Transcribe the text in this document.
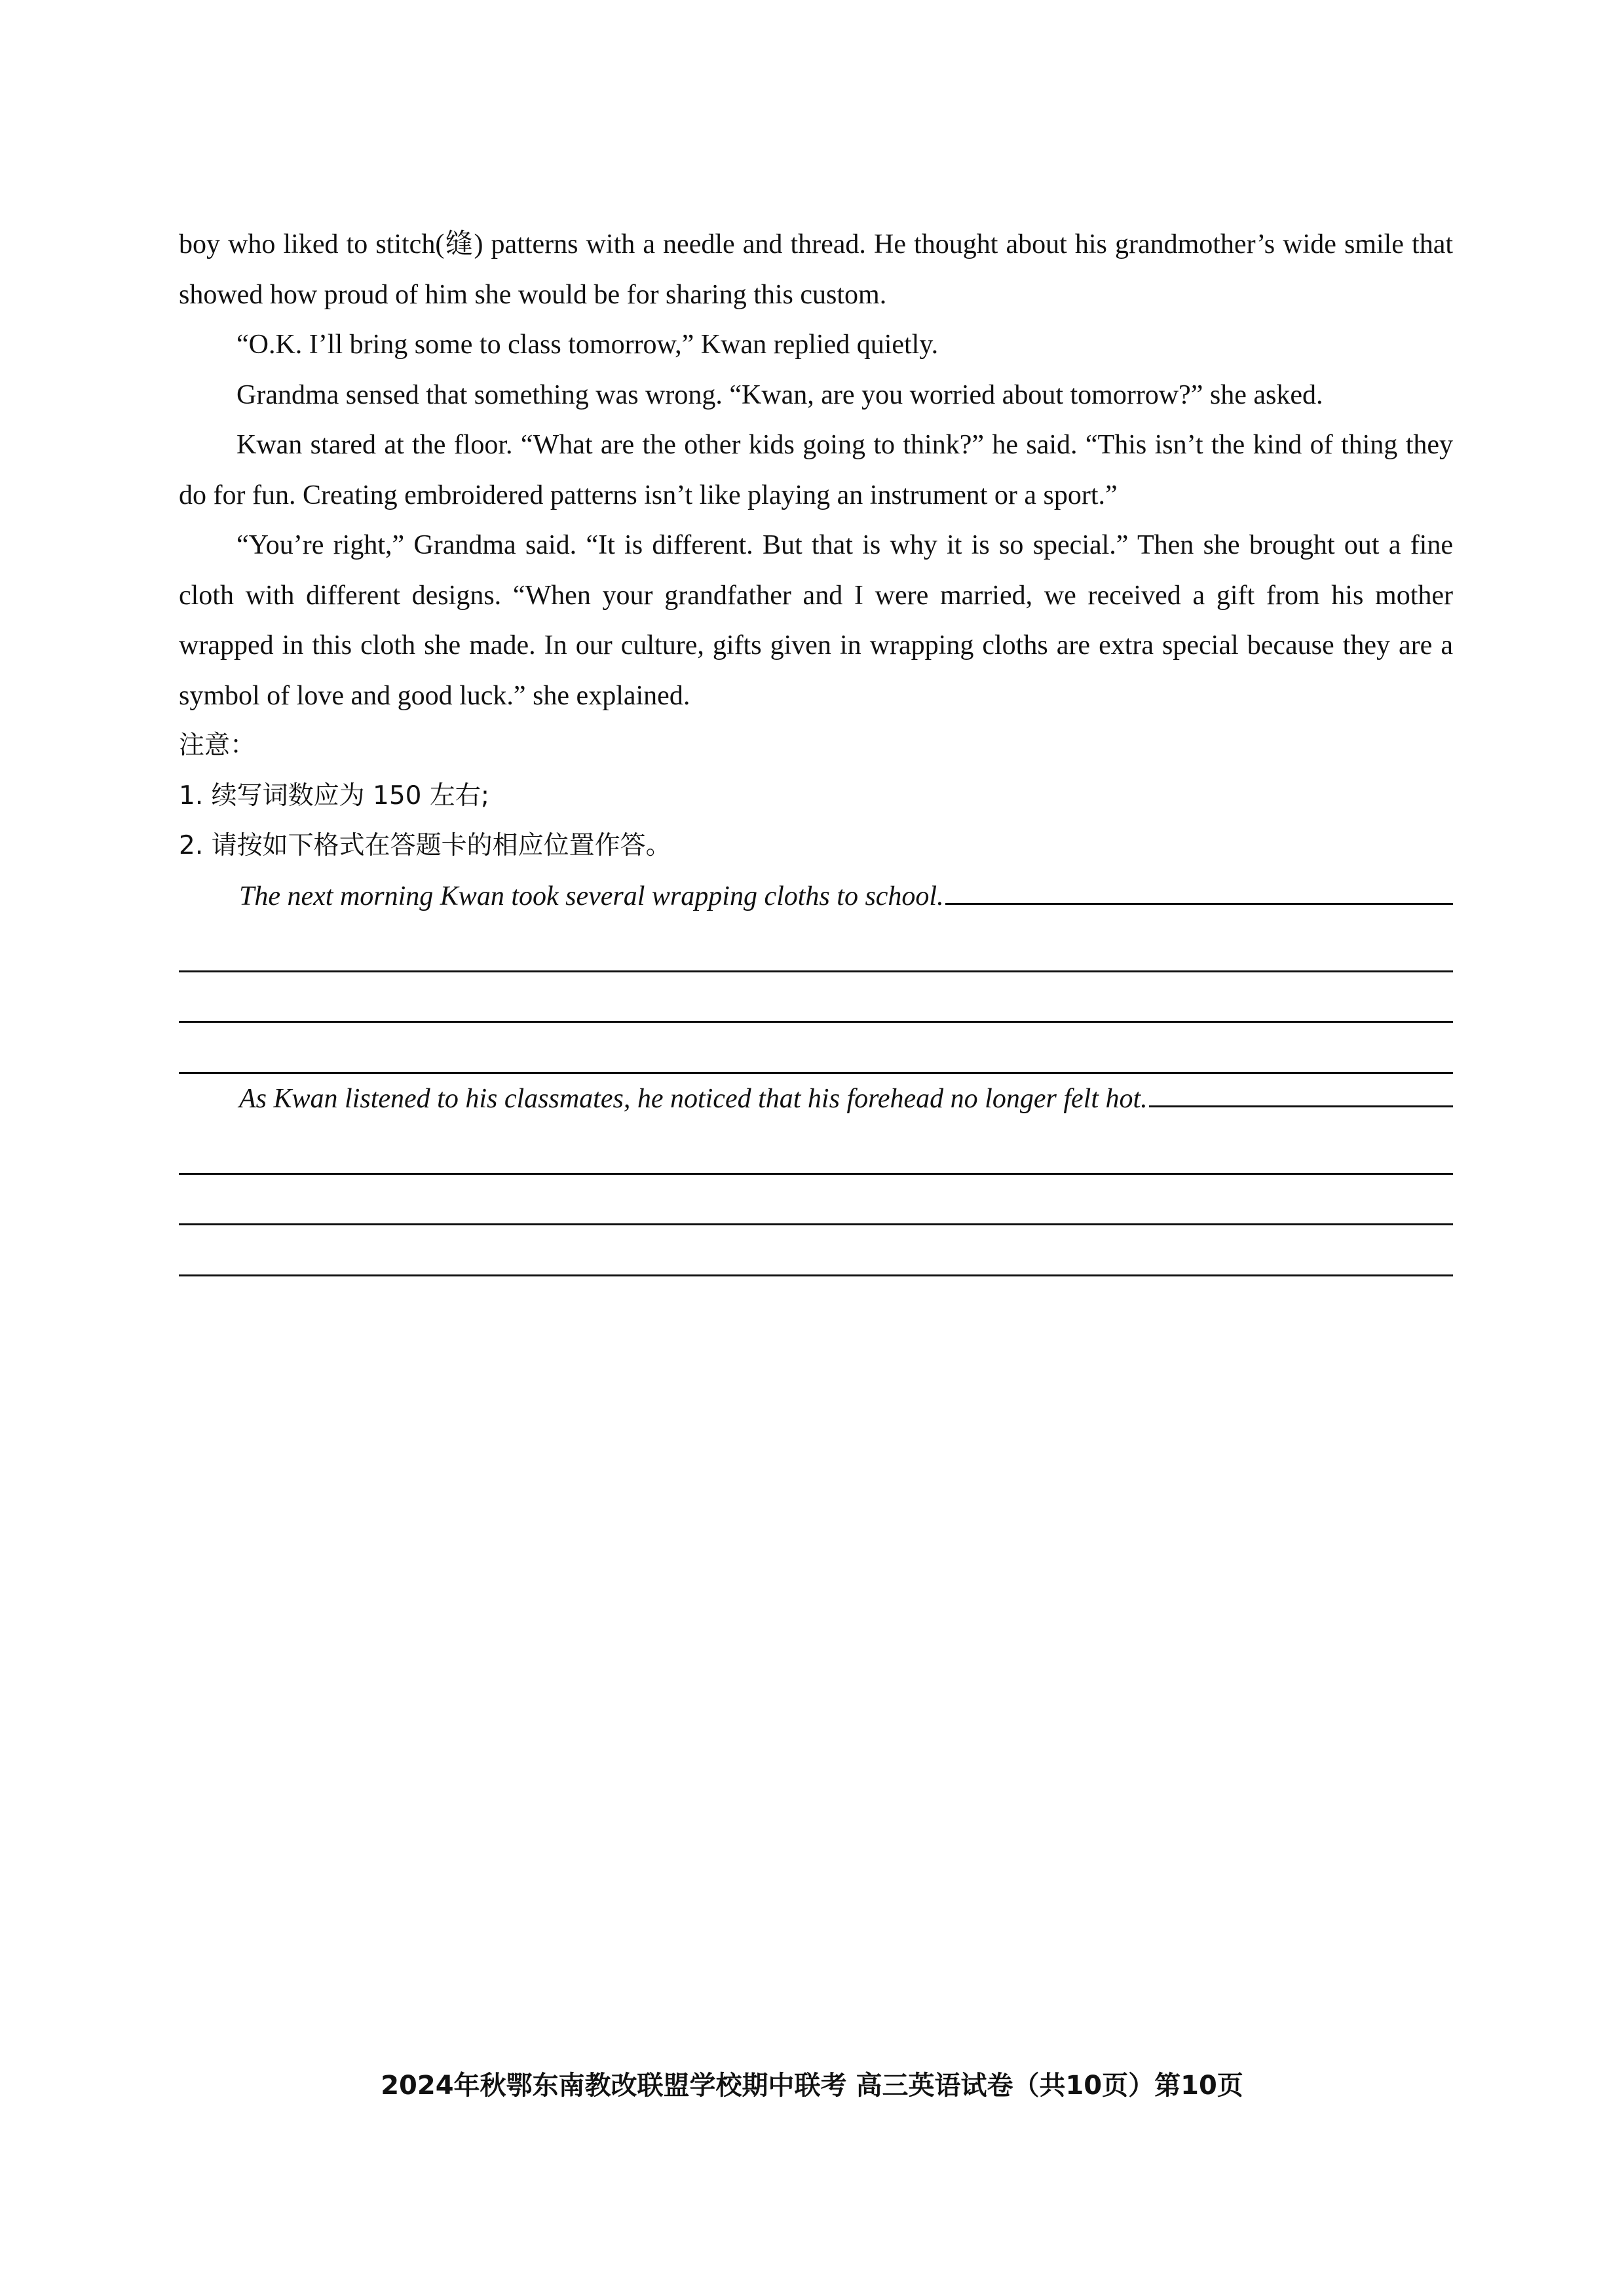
boy who liked to stitch(缝) patterns with a needle and thread. He thought about his grandmother’s wide smile that showed how proud of him she would be for sharing this custom.

“O.K. I’ll bring some to class tomorrow,” Kwan replied quietly.

Grandma sensed that something was wrong. “Kwan, are you worried about tomorrow?” she asked.

Kwan stared at the floor. “What are the other kids going to think?” he said. “This isn’t the kind of thing they do for fun. Creating embroidered patterns isn’t like playing an instrument or a sport.”

“You’re right,” Grandma said. “It is different. But that is why it is so special.” Then she brought out a fine cloth with different designs. “When your grandfather and I were married, we received a gift from his mother wrapped in this cloth she made. In our culture, gifts given in wrapping cloths are extra special because they are a symbol of love and good luck.” she explained.

注意：

1. 续写词数应为 150 左右;

2. 请按如下格式在答题卡的相应位置作答。

The next morning Kwan took several wrapping cloths to school.
As Kwan listened to his classmates, he noticed that his forehead no longer felt hot.
2024年秋鄂东南教改联盟学校期中联考 高三英语试卷（共10页）第10页
